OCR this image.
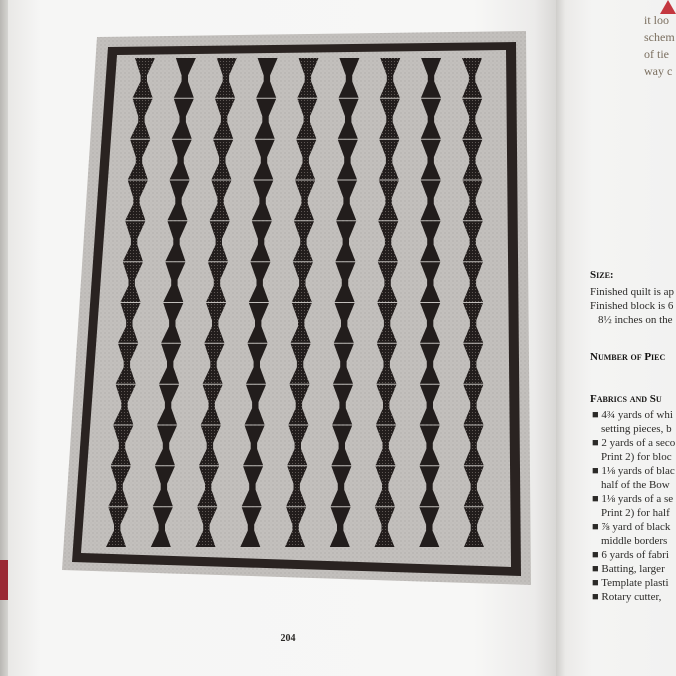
204
it loo
schem
of tie
way c
Size:
Finished quilt is ap
Finished block is 6
8½ inches on the
Number of Piec
Fabrics and Su
■ 4¾ yards of whi
setting pieces, b
■ 2 yards of a seco
Print 2) for bloc
■ 1⅛ yards of blac
half of the Bow
■ 1⅛ yards of a se
Print 2) for half
■ ⅞ yard of black
middle borders
■ 6 yards of fabri
■ Batting, larger
■ Template plasti
■ Rotary cutter,
